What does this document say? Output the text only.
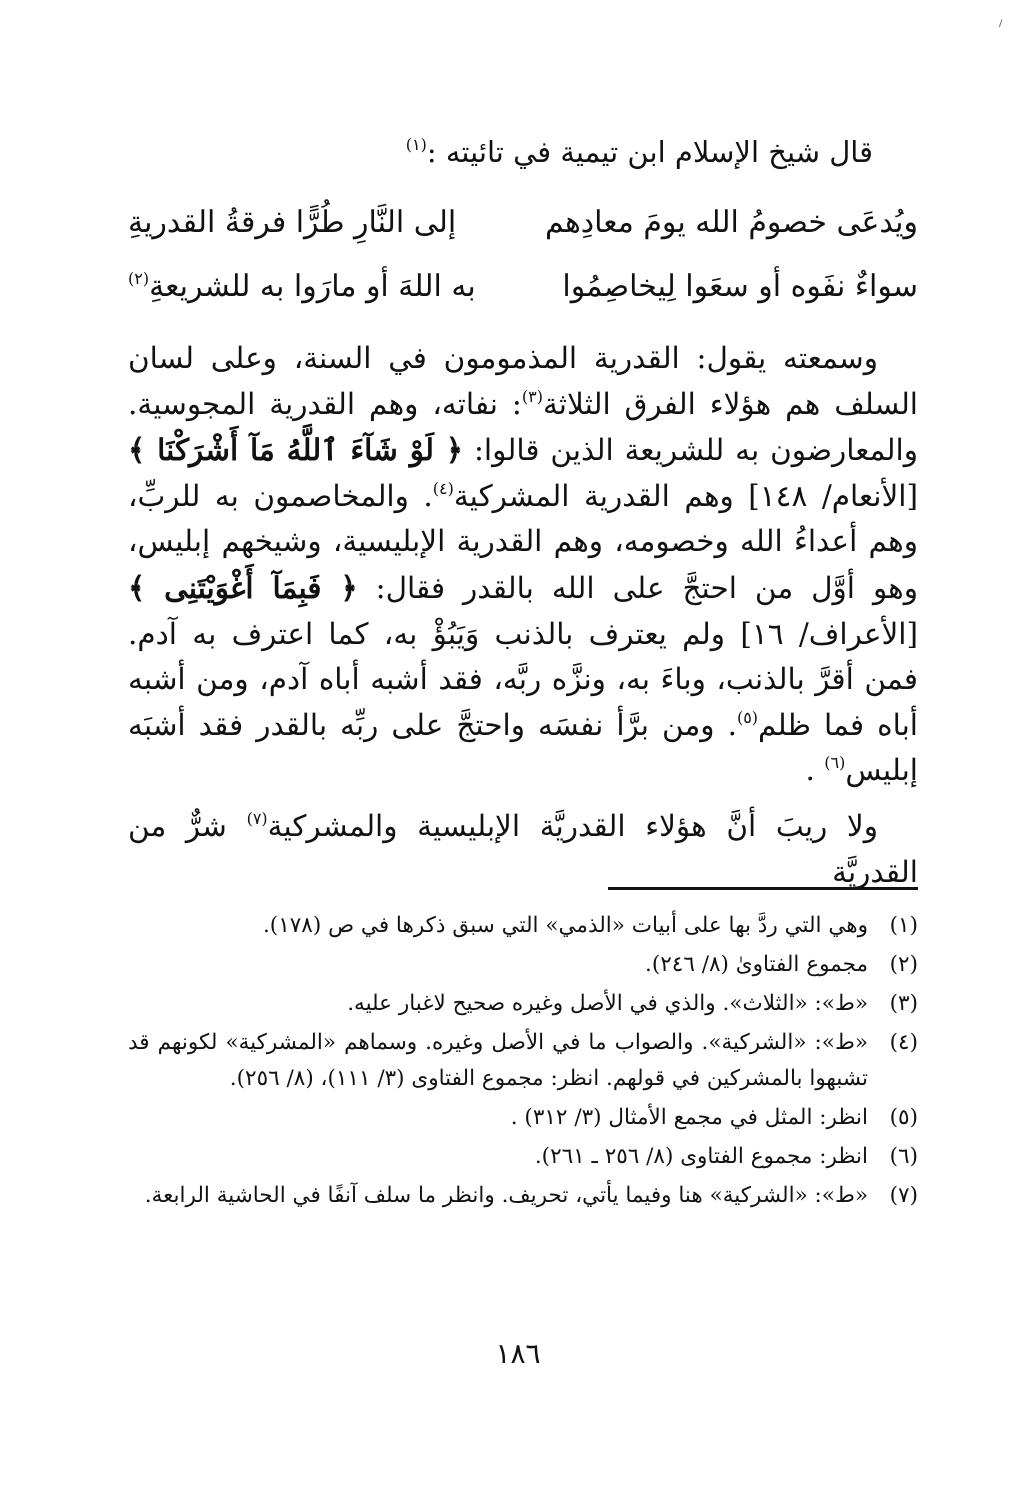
قال شيخ الإسلام ابن تيمية في تائيته :$^{(١)}$
ويُدعَى خصومُ الله يومَ معادِهم
إلى النَّارِ طُرًّا فرقةُ القدريةِ
سواءٌ نفَوه أو سعَوا لِيخاصِمُوا
به اللهَ أو مارَوا به للشريعةِ$^{(٢)}$

وسمعته يقول: القدرية المذمومون في السنة، وعلى لسان السلف هم هؤلاء الفرق الثلاثة$^{(٣)}$: نفاته، وهم القدرية المجوسية. والمعارضون به للشريعة الذين قالوا: ﴿ لَوْ شَآءَ ٱللَّهُ مَآ أَشْرَكْنَا ﴾[الأنعام/ ١٤٨] وهم القدرية المشركية$^{(٤)}$. والمخاصمون به للربِّ، وهم أعداءُ الله وخصومه، وهم القدرية الإبليسية، وشيخهم إبليس، وهو أوَّل من احتجَّ على الله بالقدر فقال: ﴿ فَبِمَآ أَغْوَيْتَنِى ﴾[الأعراف/ ١٦] ولم يعترف بالذنب وَيَبُؤْ به، كما اعترف به آدم. فمن أقرَّ بالذنب، وباءَ به، ونزَّه ربَّه، فقد أشبه أباه آدم، ومن أشبه أباه فما ظلم$^{(٥)}$. ومن برَّأ نفسَه واحتجَّ على ربِّه بالقدر فقد أشبَه إبليس$^{(٦)}$ .

ولا ريبَ أنَّ هؤلاء القدريَّة الإبليسية والمشركية$^{(٧)}$ شرٌّ من القدريَّة

(١)
وهي التي ردَّ بها على أبيات «الذمي» التي سبق ذكرها في ص (١٧٨).
(٢)
مجموع الفتاوىٰ (٨/ ٢٤٦).
(٣)
«ط»: «الثلاث». والذي في الأصل وغيره صحيح لاغبار عليه.
(٤)
«ط»: «الشركية». والصواب ما في الأصل وغيره. وسماهم «المشركية» لكونهم قد تشبهوا بالمشركين في قولهم. انظر: مجموع الفتاوى (٣/ ١١١)، (٨/ ٢٥٦).
(٥)
انظر: المثل في مجمع الأمثال (٣/ ٣١٢) .
(٦)
انظر: مجموع الفتاوى (٨/ ٢٥٦ ـ ٢٦١).
(٧)
«ط»: «الشركية» هنا وفيما يأتي، تحريف. وانظر ما سلف آنفًا في الحاشية الرابعة.
١٨٦
